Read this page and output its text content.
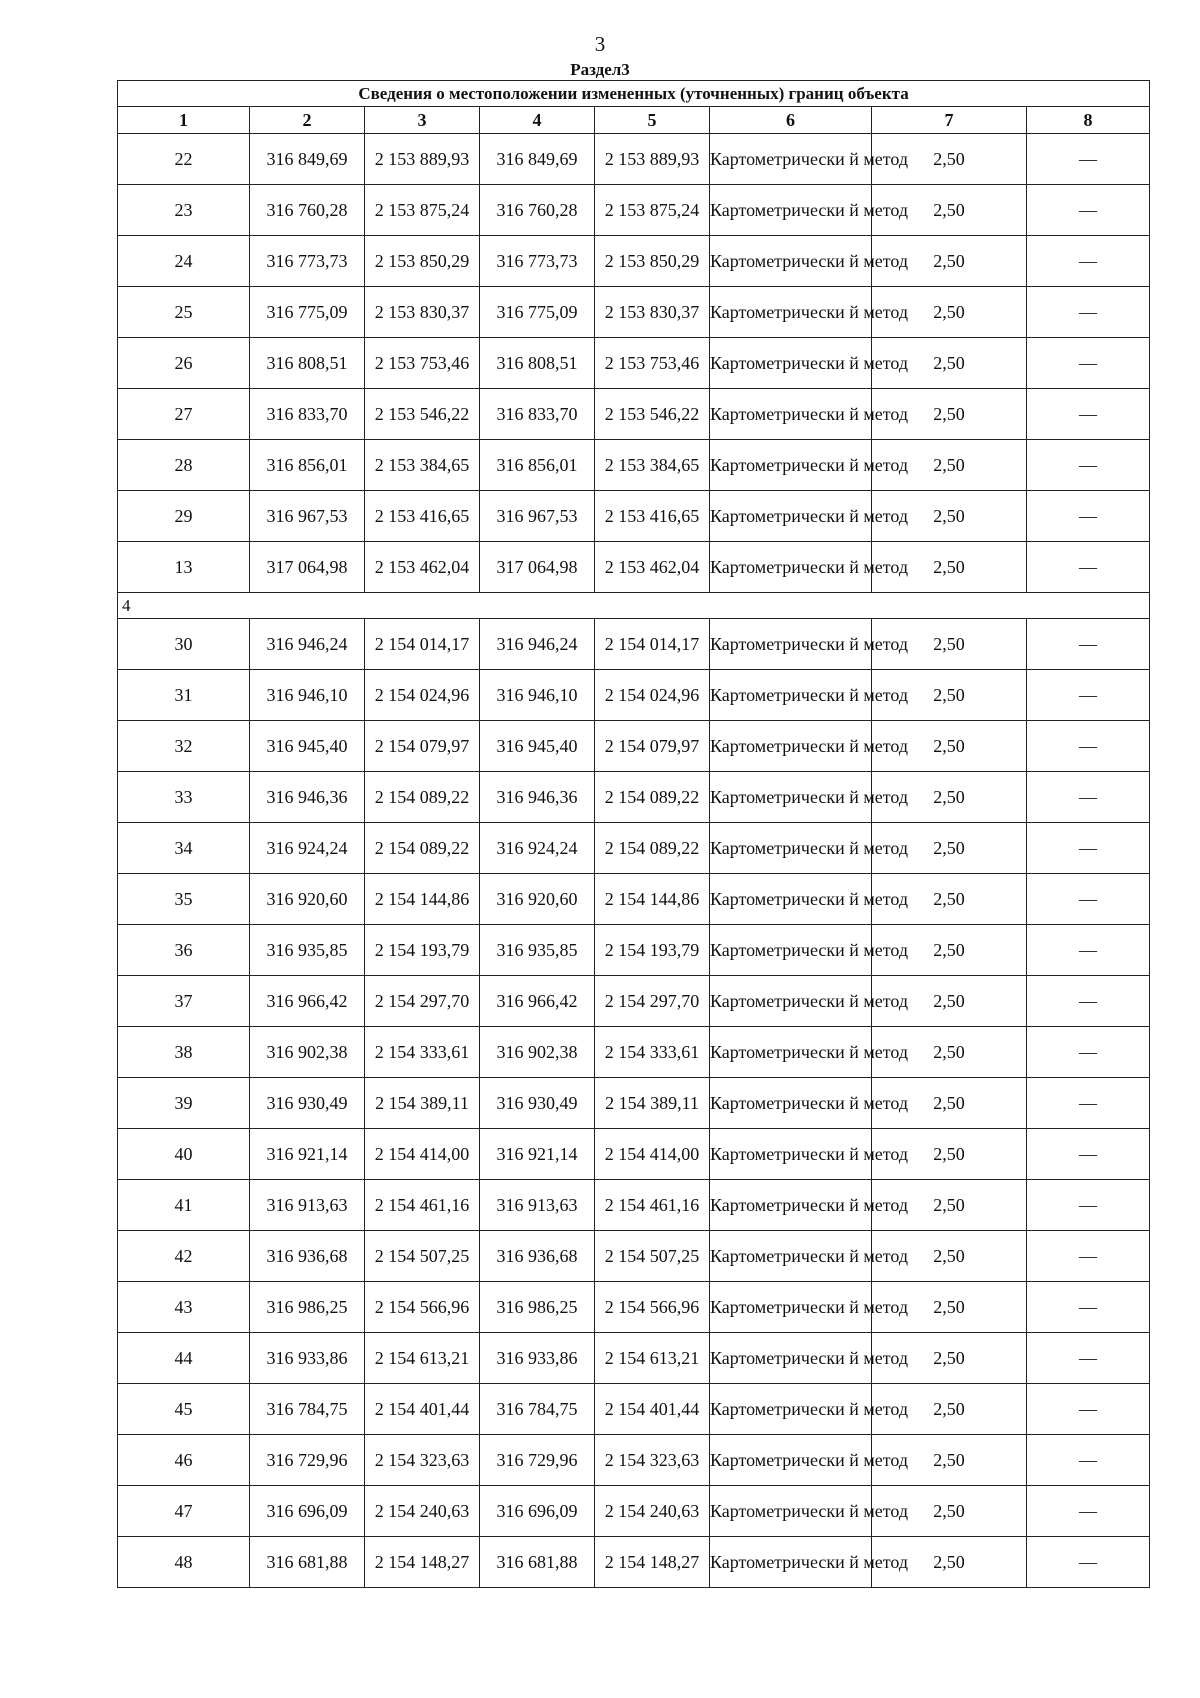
3
Раздел3
Сведения о местоположении измененных (уточненных) границ объекта							
1	2	3	4	5	6	7	8
22	316 849,69	2 153 889,93	316 849,69	2 153 889,93	Картометрически й метод	2,50	—
23	316 760,28	2 153 875,24	316 760,28	2 153 875,24	Картометрически й метод	2,50	—
24	316 773,73	2 153 850,29	316 773,73	2 153 850,29	Картометрически й метод	2,50	—
25	316 775,09	2 153 830,37	316 775,09	2 153 830,37	Картометрически й метод	2,50	—
26	316 808,51	2 153 753,46	316 808,51	2 153 753,46	Картометрически й метод	2,50	—
27	316 833,70	2 153 546,22	316 833,70	2 153 546,22	Картометрически й метод	2,50	—
28	316 856,01	2 153 384,65	316 856,01	2 153 384,65	Картометрически й метод	2,50	—
29	316 967,53	2 153 416,65	316 967,53	2 153 416,65	Картометрически й метод	2,50	—
13	317 064,98	2 153 462,04	317 064,98	2 153 462,04	Картометрически й метод	2,50	—
4							
30	316 946,24	2 154 014,17	316 946,24	2 154 014,17	Картометрически й метод	2,50	—
31	316 946,10	2 154 024,96	316 946,10	2 154 024,96	Картометрически й метод	2,50	—
32	316 945,40	2 154 079,97	316 945,40	2 154 079,97	Картометрически й метод	2,50	—
33	316 946,36	2 154 089,22	316 946,36	2 154 089,22	Картометрически й метод	2,50	—
34	316 924,24	2 154 089,22	316 924,24	2 154 089,22	Картометрически й метод	2,50	—
35	316 920,60	2 154 144,86	316 920,60	2 154 144,86	Картометрически й метод	2,50	—
36	316 935,85	2 154 193,79	316 935,85	2 154 193,79	Картометрически й метод	2,50	—
37	316 966,42	2 154 297,70	316 966,42	2 154 297,70	Картометрически й метод	2,50	—
38	316 902,38	2 154 333,61	316 902,38	2 154 333,61	Картометрически й метод	2,50	—
39	316 930,49	2 154 389,11	316 930,49	2 154 389,11	Картометрически й метод	2,50	—
40	316 921,14	2 154 414,00	316 921,14	2 154 414,00	Картометрически й метод	2,50	—
41	316 913,63	2 154 461,16	316 913,63	2 154 461,16	Картометрически й метод	2,50	—
42	316 936,68	2 154 507,25	316 936,68	2 154 507,25	Картометрически й метод	2,50	—
43	316 986,25	2 154 566,96	316 986,25	2 154 566,96	Картометрически й метод	2,50	—
44	316 933,86	2 154 613,21	316 933,86	2 154 613,21	Картометрически й метод	2,50	—
45	316 784,75	2 154 401,44	316 784,75	2 154 401,44	Картометрически й метод	2,50	—
46	316 729,96	2 154 323,63	316 729,96	2 154 323,63	Картометрически й метод	2,50	—
47	316 696,09	2 154 240,63	316 696,09	2 154 240,63	Картометрически й метод	2,50	—
48	316 681,88	2 154 148,27	316 681,88	2 154 148,27	Картометрически й метод	2,50	—
